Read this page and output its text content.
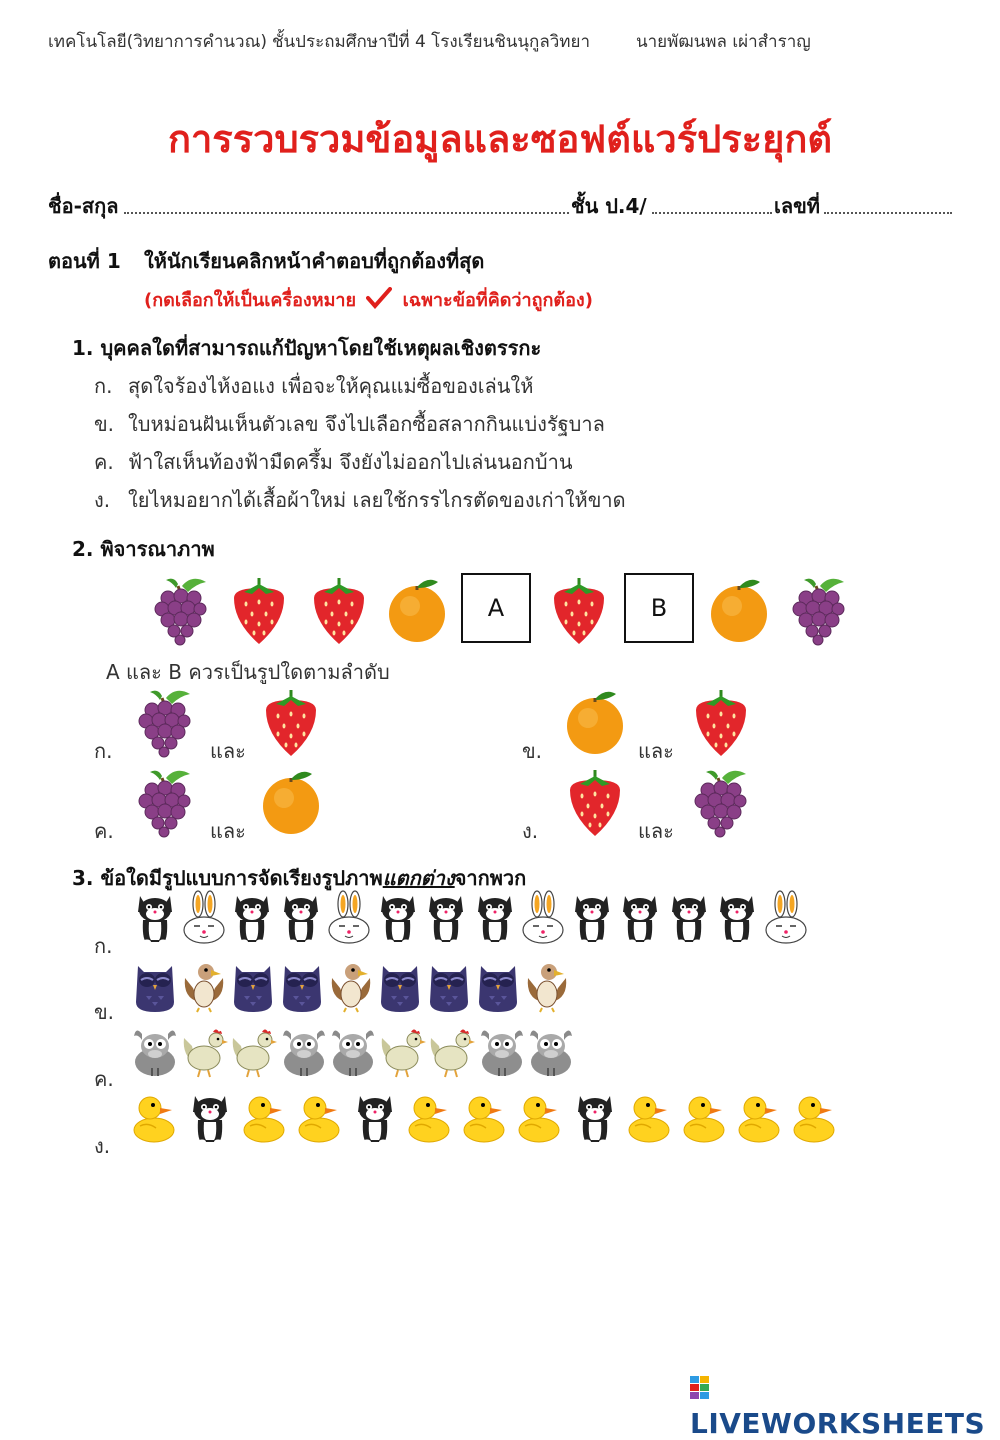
เทคโนโลยี(วิทยาการคำนวณ) ชั้นประถมศึกษาปีที่ 4 โรงเรียนชินนุกูลวิทยา	นายพัฒนพล เผ่าสำราญ
การรวบรวมข้อมูลและซอฟต์แวร์ประยุกต์
ชื่อ-สกุล	ชั้น ป.4/	เลขที่
ตอนที่ 1 ให้นักเรียนคลิกหน้าคำตอบที่ถูกต้องที่สุด
(กดเลือกให้เป็นเครื่องหมาย	เฉพาะข้อที่คิดว่าถูกต้อง)
1. บุคคลใดที่สามารถแก้ปัญหาโดยใช้เหตุผลเชิงตรรกะ
ก. สุดใจร้องไห้งอแง เพื่อจะให้คุณแม่ซื้อของเล่นให้
ข. ใบหม่อนฝันเห็นตัวเลข จึงไปเลือกซื้อสลากกินแบ่งรัฐบาล
ค. ฟ้าใสเห็นท้องฟ้ามืดครึ้ม จึงยังไม่ออกไปเล่นนอกบ้าน
ง. ใยไหมอยากได้เสื้อผ้าใหม่ เลยใช้กรรไกรตัดของเก่าให้ขาด
2. พิจารณาภาพ
A	B
A และ B ควรเป็นรูปใดตามลำดับ
ก.	และ	ข.	และ
ค.	และ	ง.	และ
3. ข้อใดมีรูปแบบการจัดเรียงรูปภาพแตกต่างจากพวก
ก.
ข.
ค.
ง.
LIVEWORKSHEETS
